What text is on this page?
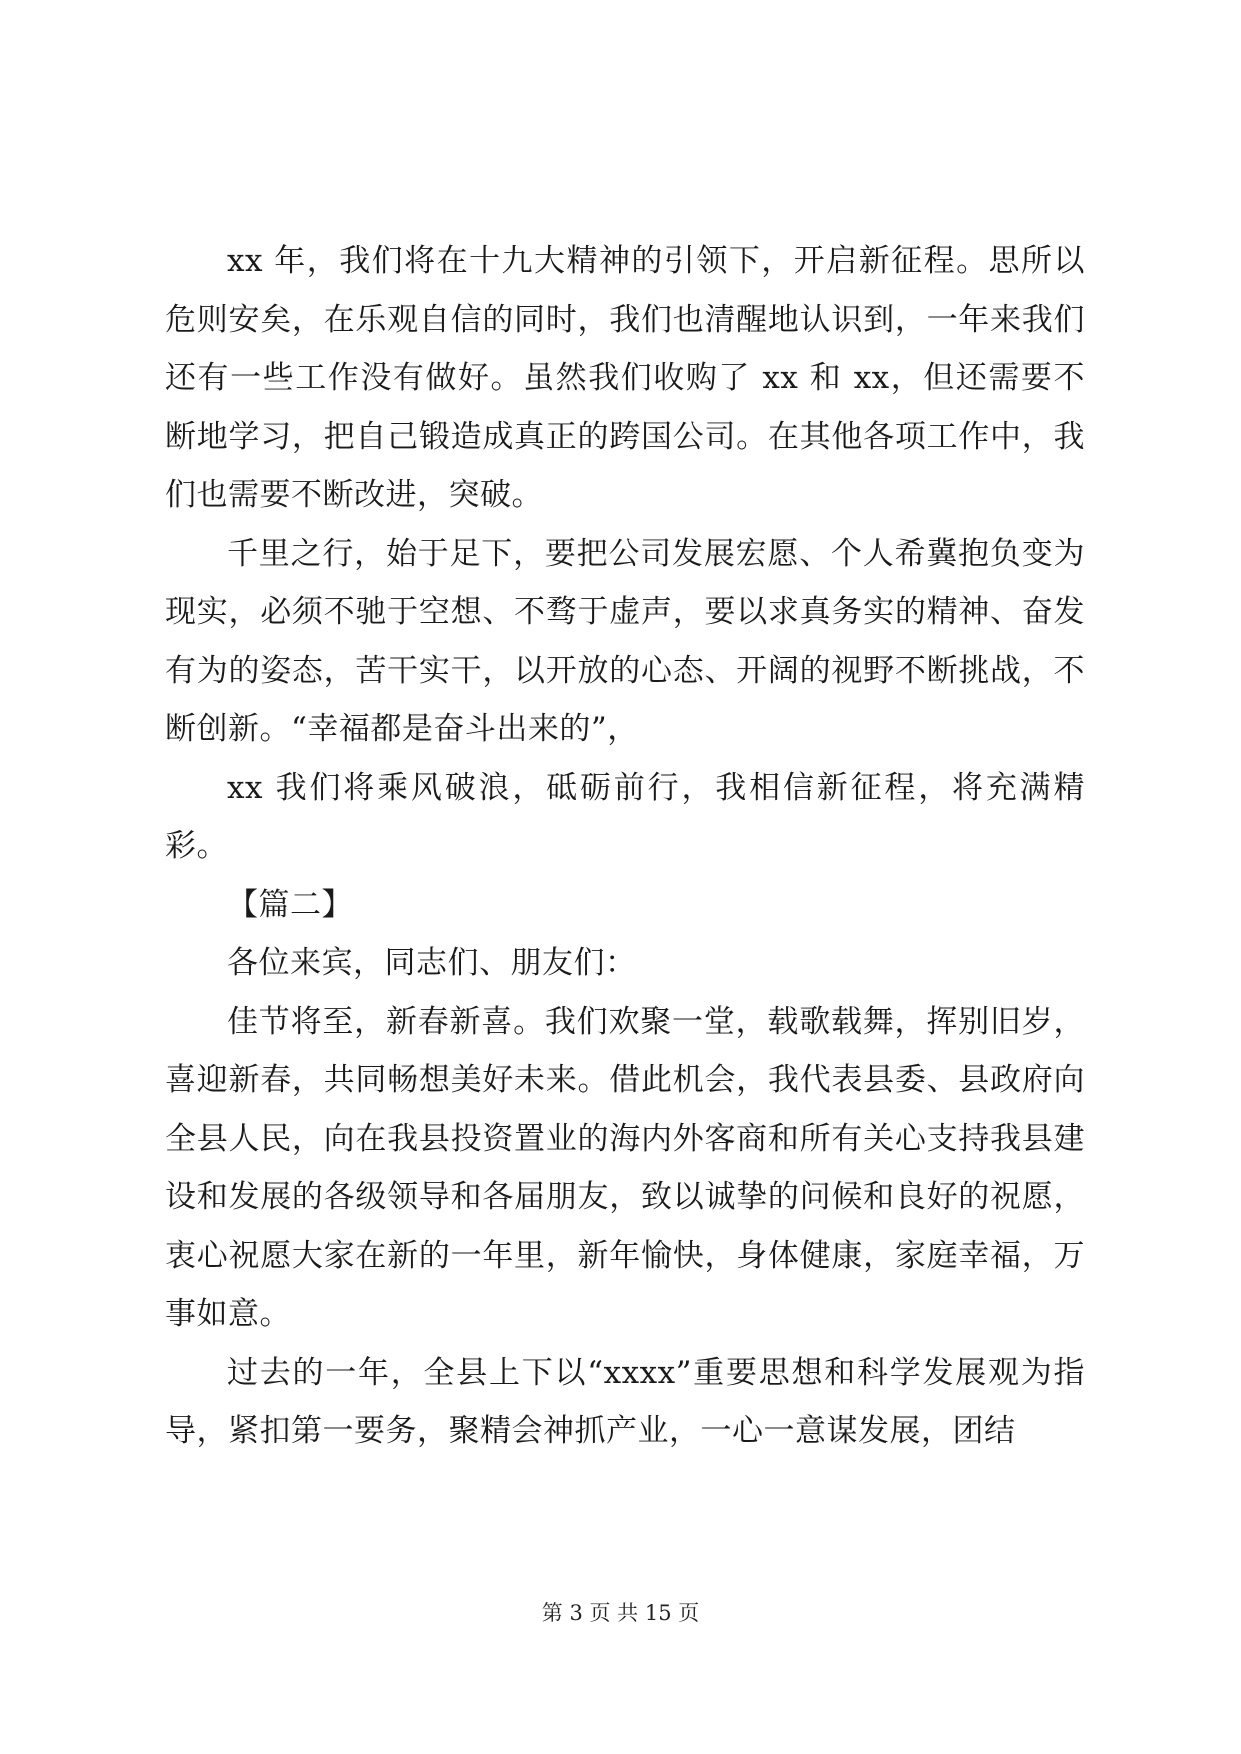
xx 年，我们将在十九大精神的引领下，开启新征程。思所以危则安矣，在乐观自信的同时，我们也清醒地认识到，一年来我们还有一些工作没有做好。虽然我们收购了 xx 和 xx，但还需要不断地学习，把自己锻造成真正的跨国公司。在其他各项工作中，我们也需要不断改进，突破。

千里之行，始于足下，要把公司发展宏愿、个人希冀抱负变为现实，必须不驰于空想、不骛于虚声，要以求真务实的精神、奋发有为的姿态，苦干实干，以开放的心态、开阔的视野不断挑战，不断创新。“幸福都是奋斗出来的”，

xx 我们将乘风破浪，砥砺前行，我相信新征程，将充满精彩。

【篇二】

各位来宾，同志们、朋友们：

佳节将至，新春新喜。我们欢聚一堂，载歌载舞，挥别旧岁，喜迎新春，共同畅想美好未来。借此机会，我代表县委、县政府向全县人民，向在我县投资置业的海内外客商和所有关心支持我县建设和发展的各级领导和各届朋友，致以诚挚的问候和良好的祝愿，衷心祝愿大家在新的一年里，新年愉快，身体健康，家庭幸福，万事如意。

过去的一年，全县上下以“xxxx”重要思想和科学发展观为指导，紧扣第一要务，聚精会神抓产业，一心一意谋发展，团结

第 3 页 共 15 页
